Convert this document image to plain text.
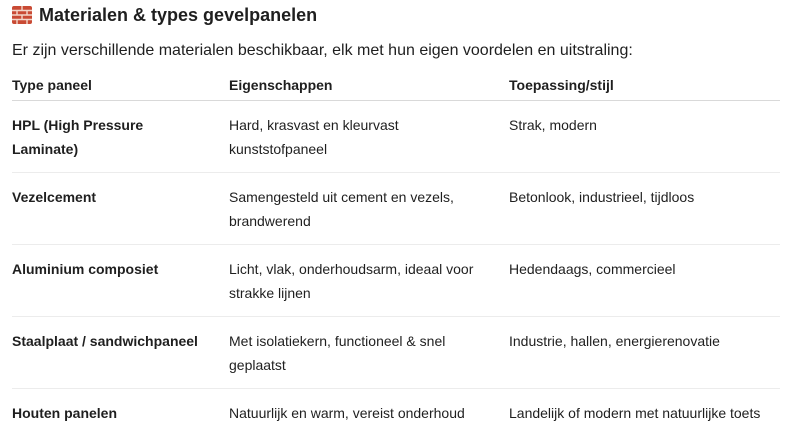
Materialen & types gevelpanelen
Er zijn verschillende materialen beschikbaar, elk met hun eigen voordelen en uitstraling:
Type paneel	Eigenschappen	Toepassing/stijl
HPL (High Pressure Laminate)	Hard, krasvast en kleurvast kunststofpaneel	Strak, modern
Vezelcement	Samengesteld uit cement en vezels, brandwerend	Betonlook, industrieel, tijdloos
Aluminium composiet	Licht, vlak, onderhoudsarm, ideaal voor strakke lijnen	Hedendaags, commercieel
Staalplaat / sandwichpaneel	Met isolatiekern, functioneel & snel geplaatst	Industrie, hallen, energierenovatie
Houten panelen	Natuurlijk en warm, vereist onderhoud	Landelijk of modern met natuurlijke toets
